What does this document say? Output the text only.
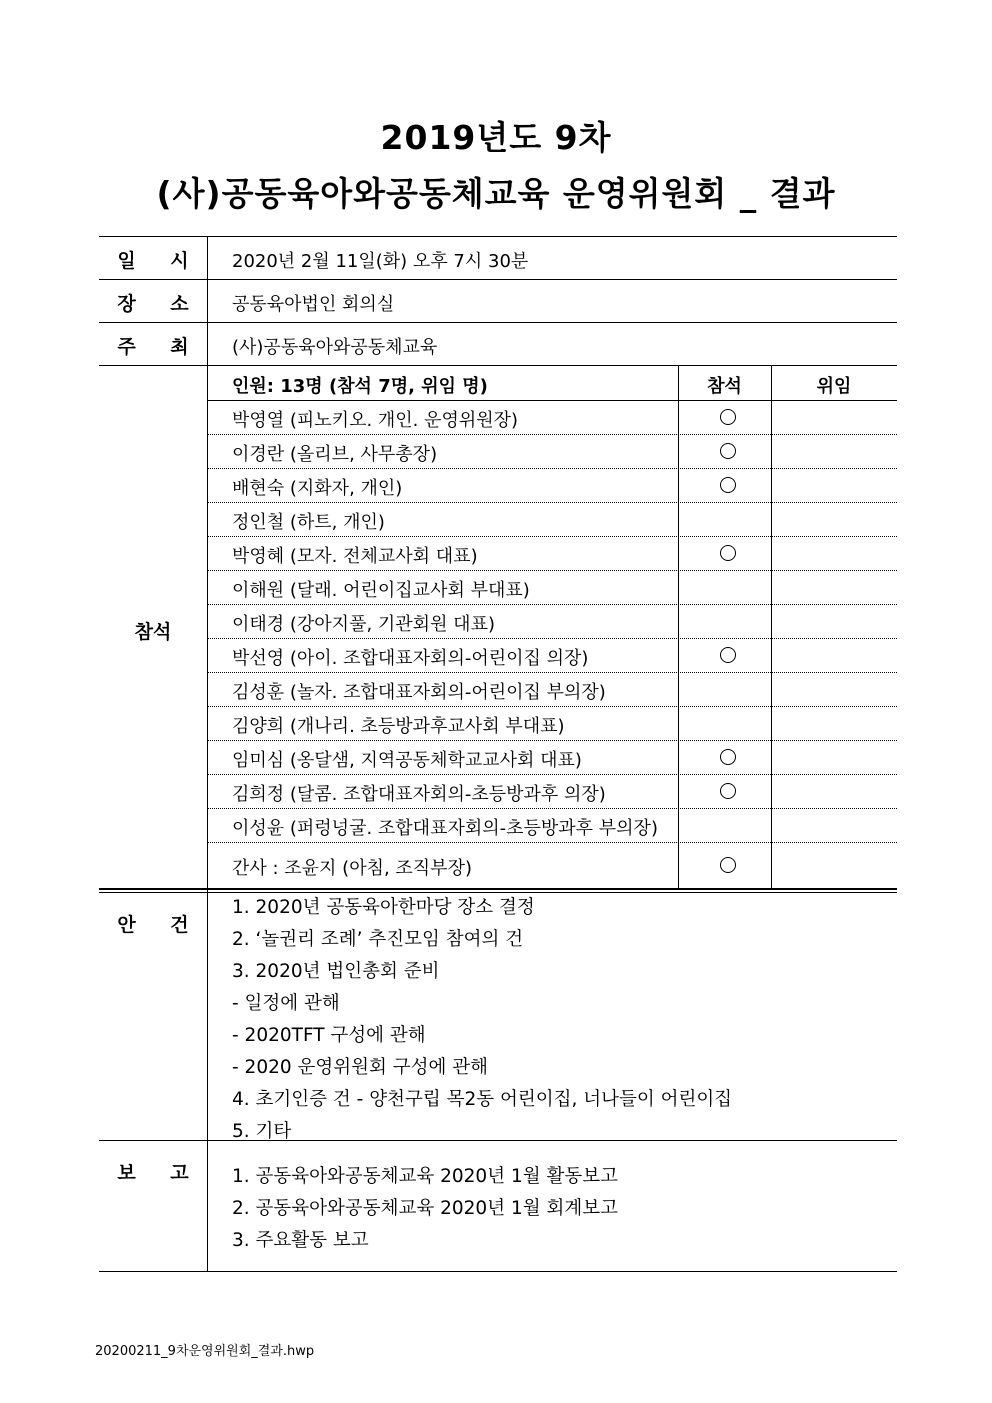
2019년도 9차
(사)공동육아와공동체교육 운영위원회 _ 결과
일 시 2020년 2월 11일(화) 오후 7시 30분
장 소 공동육아법인 회의실
주 최 (사)공동육아와공동체교육
참석
인원: 13명 (참석 7명, 위임 명)	참석	위임
박영열 (피노키오. 개인. 운영위원장)
이경란 (올리브, 사무총장)
배현숙 (지화자, 개인)
정인철 (하트, 개인)
박영혜 (모자. 전체교사회 대표)
이해원 (달래. 어린이집교사회 부대표)
이태경 (강아지풀, 기관회원 대표)
박선영 (아이. 조합대표자회의-어린이집 의장)
김성훈 (놀자. 조합대표자회의-어린이집 부의장)
김양희 (개나리. 초등방과후교사회 부대표)
임미심 (옹달샘, 지역공동체학교교사회 대표)
김희정 (달콤. 조합대표자회의-초등방과후 의장)
이성윤 (퍼렁넝굴. 조합대표자회의-초등방과후 부의장)
간사 : 조윤지 (아침, 조직부장)
안 건
1. 2020년 공동육아한마당 장소 결정
2. ‘놀권리 조례’ 추진모임 참여의 건
3. 2020년 법인총회 준비
- 일정에 관해
- 2020TFT 구성에 관해
- 2020 운영위원회 구성에 관해
4. 초기인증 건 - 양천구립 목2동 어린이집, 너나들이 어린이집
5. 기타
보 고 1. 공동육아와공동체교육 2020년 1월 활동보고
2. 공동육아와공동체교육 2020년 1월 회계보고
3. 주요활동 보고
20200211_9차운영위원회_결과.hwp
